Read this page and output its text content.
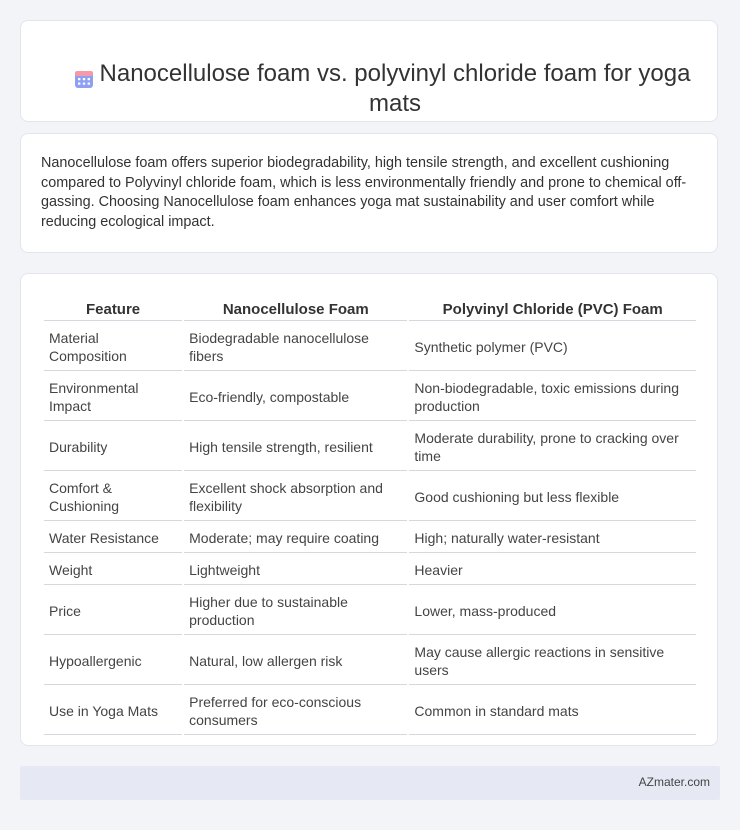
Nanocellulose foam vs. polyvinyl chloride foam for yoga mats

Nanocellulose foam offers superior biodegradability, high tensile strength, and excellent cushioning compared to Polyvinyl chloride foam, which is less environmentally friendly and prone to chemical off-gassing. Choosing Nanocellulose foam enhances yoga mat sustainability and user comfort while reducing ecological impact.

Feature	Nanocellulose Foam	Polyvinyl Chloride (PVC) Foam
Material Composition	Biodegradable nanocellulose fibers	Synthetic polymer (PVC)
Environmental Impact	Eco-friendly, compostable	Non-biodegradable, toxic emissions during production
Durability	High tensile strength, resilient	Moderate durability, prone to cracking over time
Comfort & Cushioning	Excellent shock absorption and flexibility	Good cushioning but less flexible
Water Resistance	Moderate; may require coating	High; naturally water-resistant
Weight	Lightweight	Heavier
Price	Higher due to sustainable production	Lower, mass-produced
Hypoallergenic	Natural, low allergen risk	May cause allergic reactions in sensitive users
Use in Yoga Mats	Preferred for eco-conscious consumers	Common in standard mats
AZmater.com
